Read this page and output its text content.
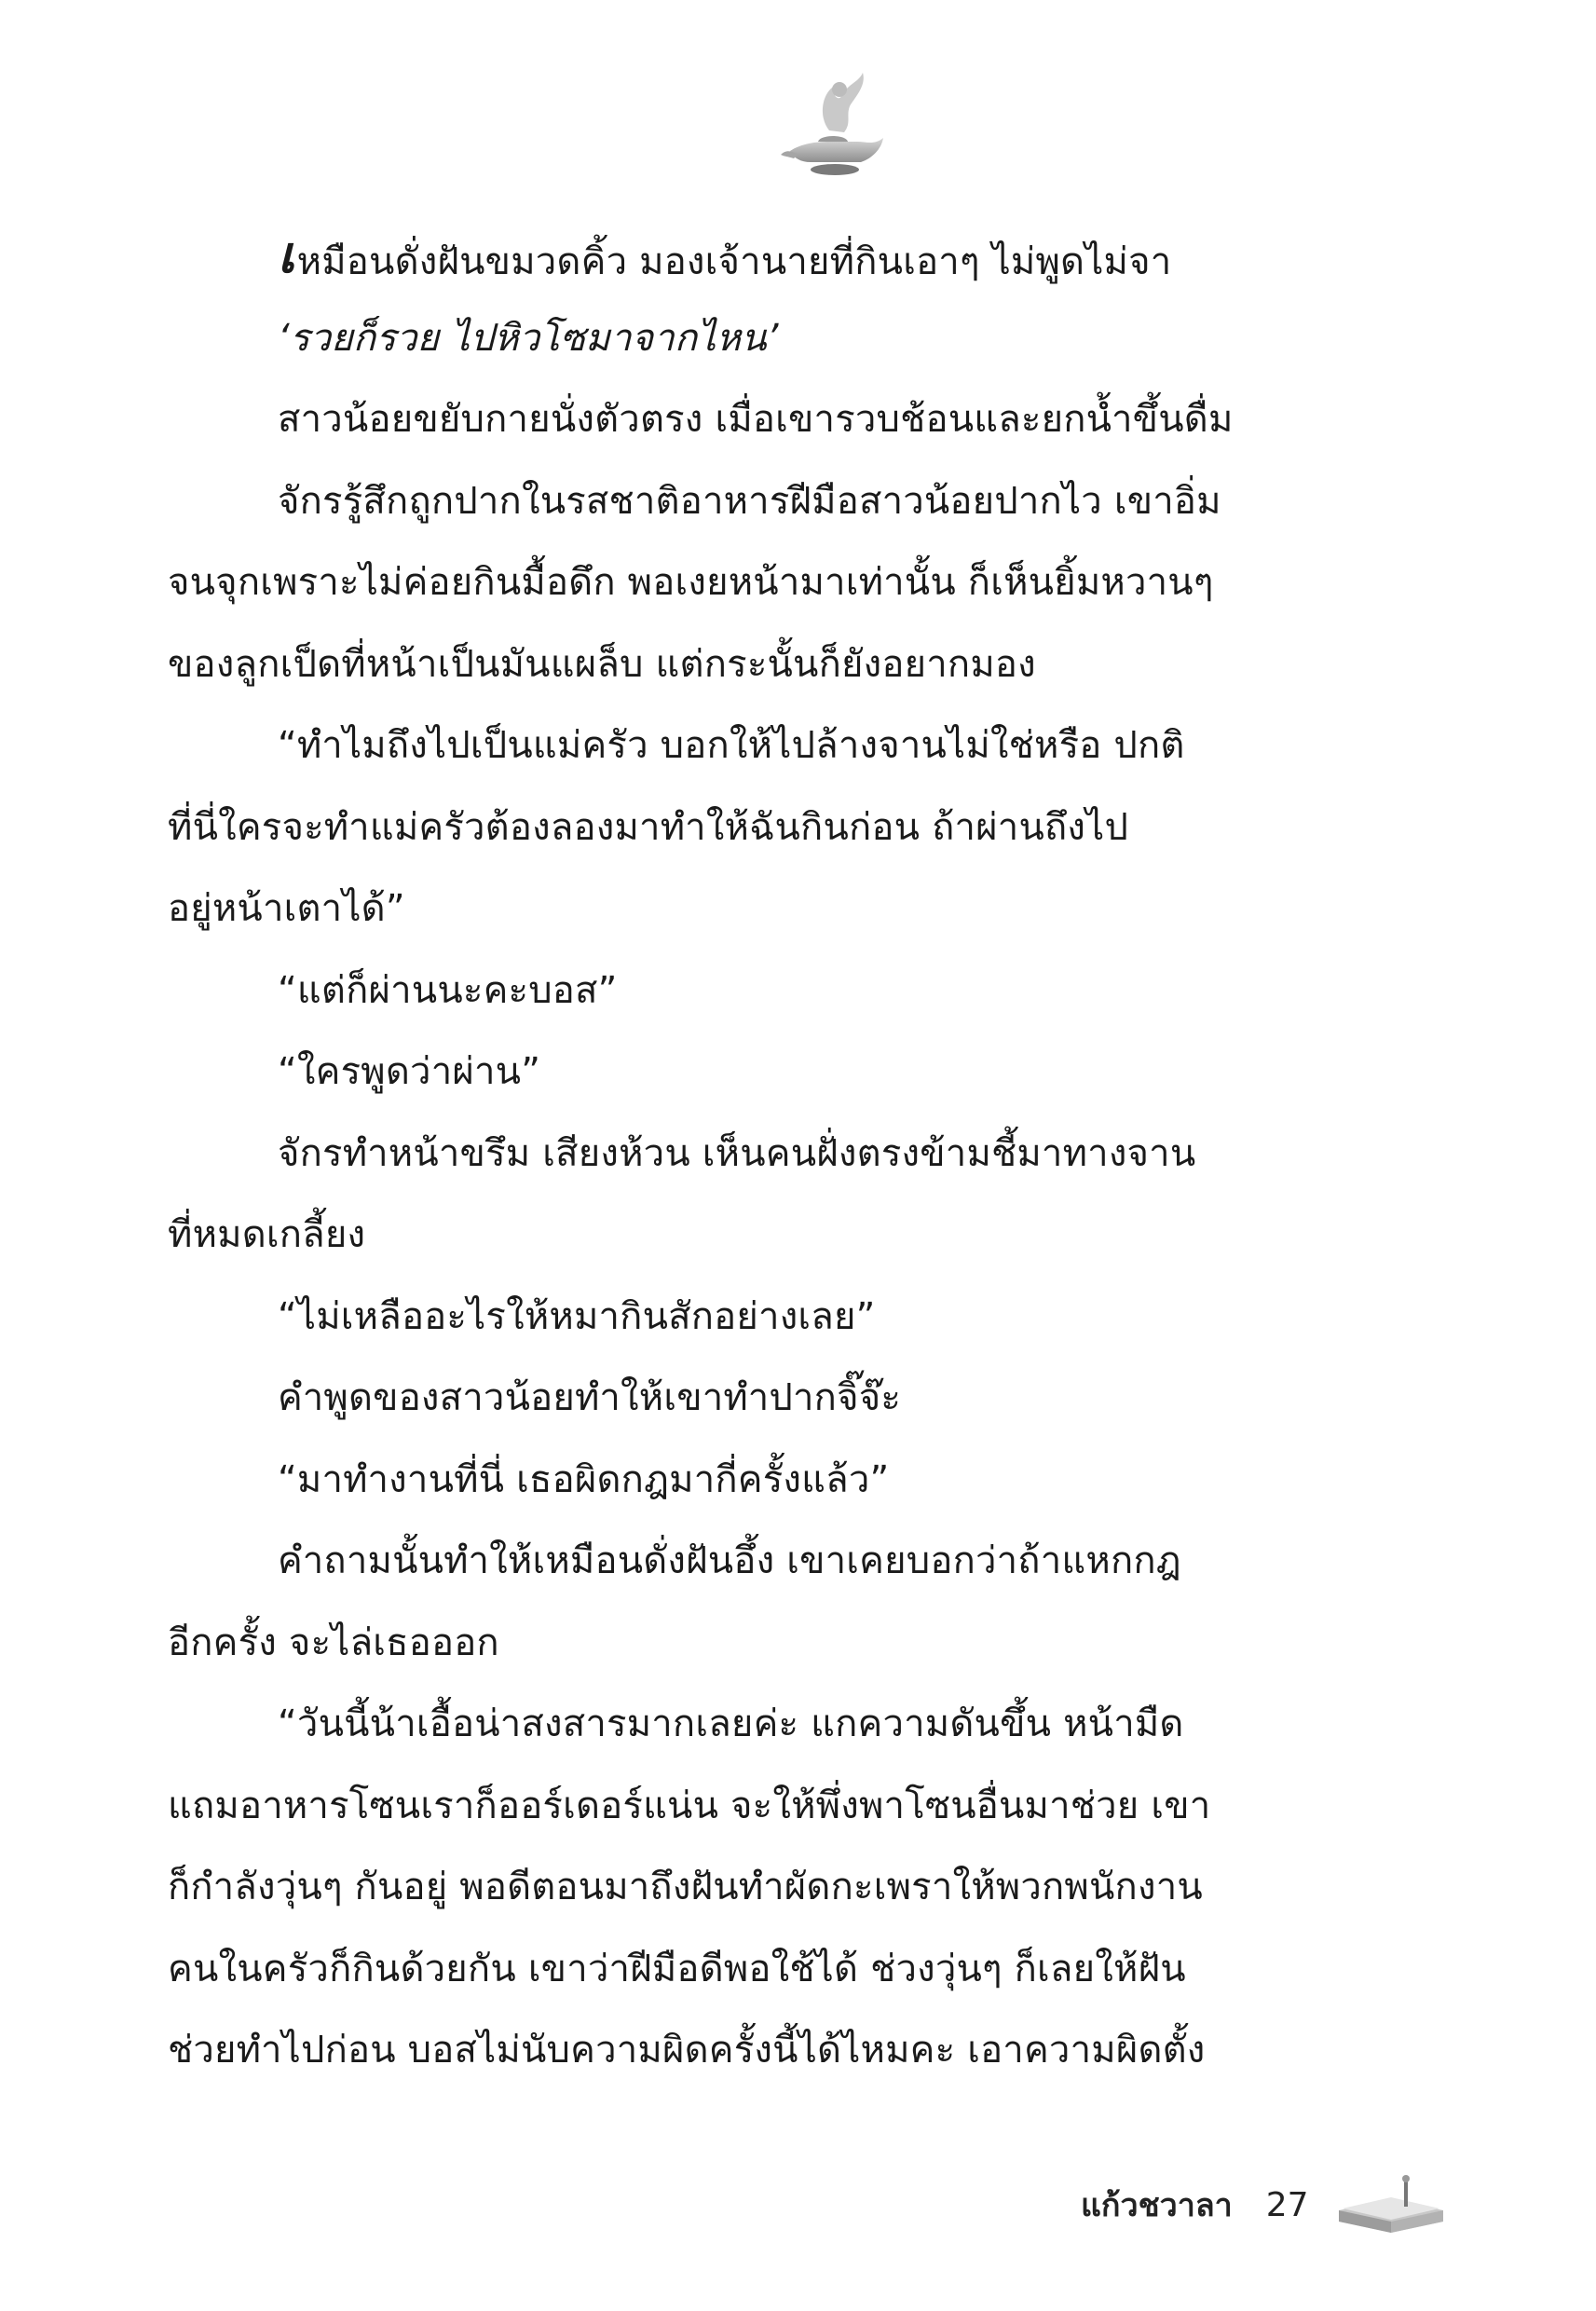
เหมือนดั่งฝันขมวดคิ้ว มองเจ้านายที่กินเอาๆ ไม่พูดไม่จา
‘รวยก็รวย ไปหิวโซมาจากไหน’
สาวน้อยขยับกายนั่งตัวตรง เมื่อเขารวบช้อนและยกน้ำขึ้นดื่ม
จักรรู้สึกถูกปากในรสชาติอาหารฝีมือสาวน้อยปากไว เขาอิ่ม
จนจุกเพราะไม่ค่อยกินมื้อดึก พอเงยหน้ามาเท่านั้น ก็เห็นยิ้มหวานๆ
ของลูกเป็ดที่หน้าเป็นมันแผล็บ แต่กระนั้นก็ยังอยากมอง
“ทำไมถึงไปเป็นแม่ครัว บอกให้ไปล้างจานไม่ใช่หรือ ปกติ
ที่นี่ใครจะทำแม่ครัวต้องลองมาทำให้ฉันกินก่อน ถ้าผ่านถึงไป
อยู่หน้าเตาได้”
“แต่ก็ผ่านนะคะบอส”
“ใครพูดว่าผ่าน”
จักรทำหน้าขรึม เสียงห้วน เห็นคนฝั่งตรงข้ามชี้มาทางจาน
ที่หมดเกลี้ยง
“ไม่เหลืออะไรให้หมากินสักอย่างเลย”
คำพูดของสาวน้อยทำให้เขาทำปากจิ๊จ๊ะ
“มาทำงานที่นี่ เธอผิดกฎมากี่ครั้งแล้ว”
คำถามนั้นทำให้เหมือนดั่งฝันอึ้ง เขาเคยบอกว่าถ้าแหกกฎ
อีกครั้ง จะไล่เธอออก
“วันนี้น้าเอื้อน่าสงสารมากเลยค่ะ แกความดันขึ้น หน้ามืด
แถมอาหารโซนเราก็ออร์เดอร์แน่น จะให้พึ่งพาโซนอื่นมาช่วย เขา
ก็กำลังวุ่นๆ กันอยู่ พอดีตอนมาถึงฝันทำผัดกะเพราให้พวกพนักงาน
คนในครัวก็กินด้วยกัน เขาว่าฝีมือดีพอใช้ได้ ช่วงวุ่นๆ ก็เลยให้ฝัน
ช่วยทำไปก่อน บอสไม่นับความผิดครั้งนี้ได้ไหมคะ เอาความผิดตั้ง
แก้วชวาลา 27
